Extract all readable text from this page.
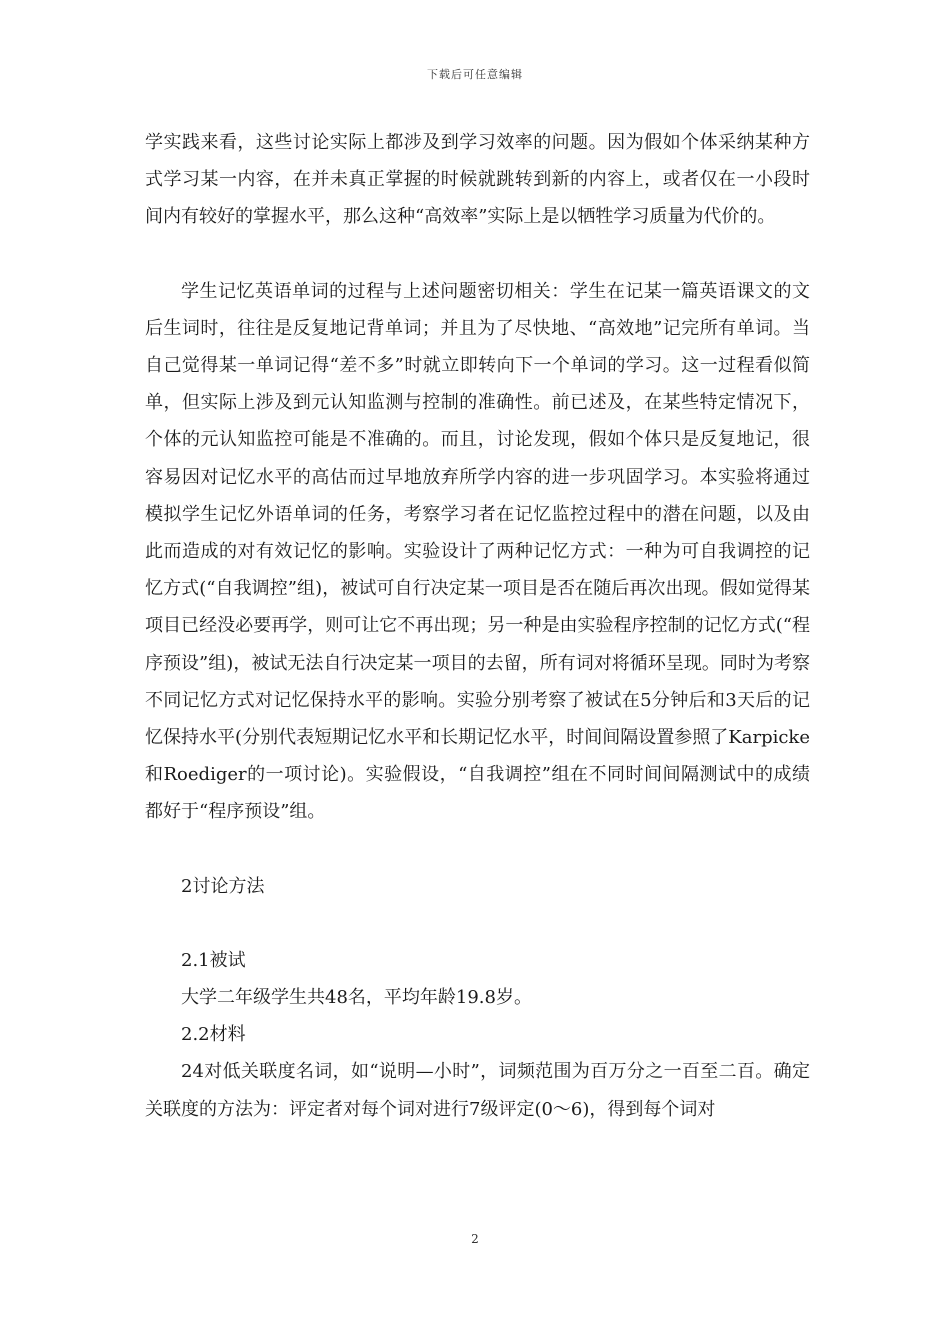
下载后可任意编辑

学实践来看，这些讨论实际上都涉及到学习效率的问题。因为假如个体采纳某种方式学习某一内容，在并未真正掌握的时候就跳转到新的内容上，或者仅在一小段时间内有较好的掌握水平，那么这种“高效率”实际上是以牺牲学习质量为代价的。

学生记忆英语单词的过程与上述问题密切相关：学生在记某一篇英语课文的文后生词时，往往是反复地记背单词；并且为了尽快地、“高效地”记完所有单词。当自己觉得某一单词记得“差不多”时就立即转向下一个单词的学习。这一过程看似简单，但实际上涉及到元认知监测与控制的准确性。前已述及，在某些特定情况下，个体的元认知监控可能是不准确的。而且，讨论发现，假如个体只是反复地记，很容易因对记忆水平的高估而过早地放弃所学内容的进一步巩固学习。本实验将通过模拟学生记忆外语单词的任务，考察学习者在记忆监控过程中的潜在问题，以及由此而造成的对有效记忆的影响。实验设计了两种记忆方式：一种为可自我调控的记忆方式(“自我调控”组)，被试可自行决定某一项目是否在随后再次出现。假如觉得某项目已经没必要再学，则可让它不再出现；另一种是由实验程序控制的记忆方式(“程序预设”组)，被试无法自行决定某一项目的去留，所有词对将循环呈现。同时为考察不同记忆方式对记忆保持水平的影响。实验分别考察了被试在5分钟后和3天后的记忆保持水平(分别代表短期记忆水平和长期记忆水平，时间间隔设置参照了Karpicke和Roediger的一项讨论)。实验假设，“自我调控”组在不同时间间隔测试中的成绩都好于“程序预设”组。

2讨论方法

2.1被试

大学二年级学生共48名，平均年龄19.8岁。

2.2材料

24对低关联度名词，如“说明—小时”，词频范围为百万分之一百至二百。确定关联度的方法为：评定者对每个词对进行7级评定(0～6)，得到每个词对

2
